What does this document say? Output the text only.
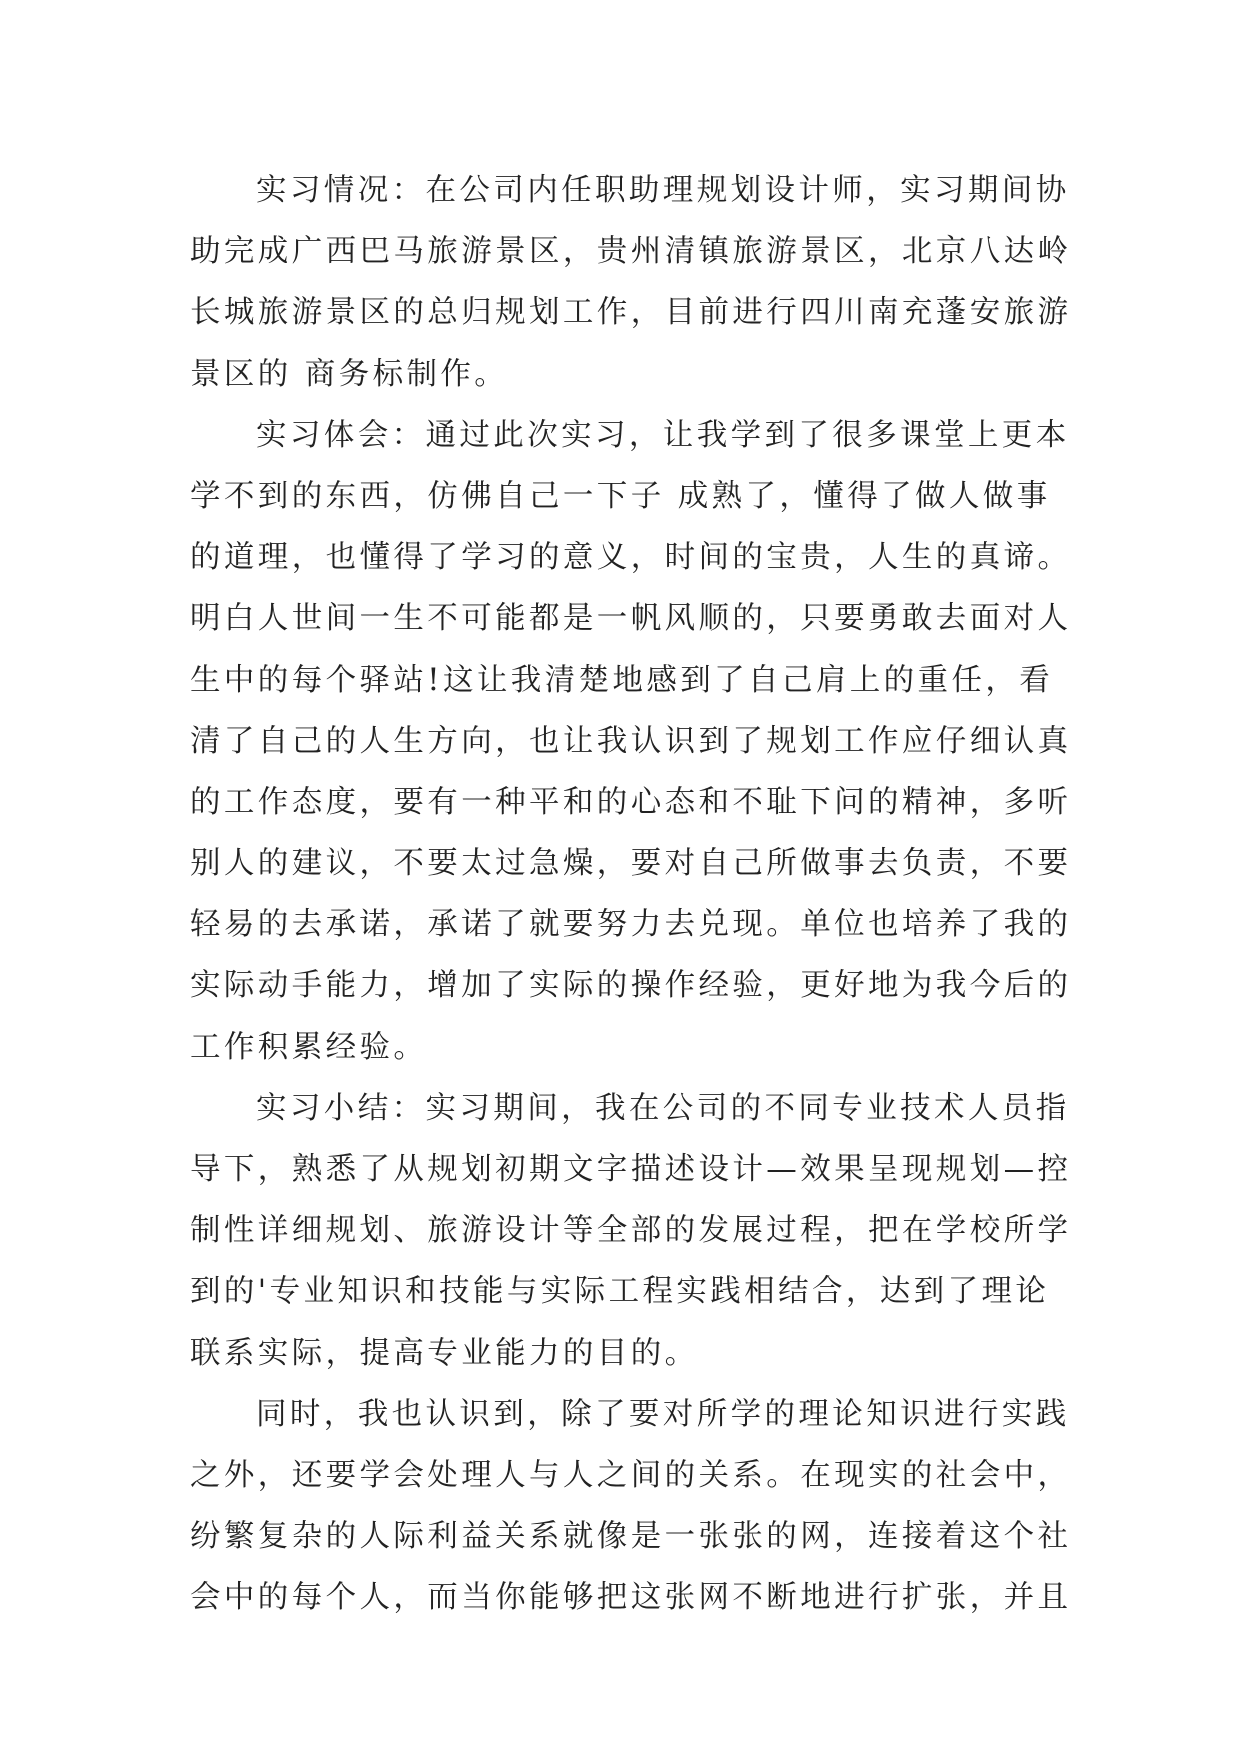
实习情况：在公司内任职助理规划设计师，实习期间协
助完成广西巴马旅游景区，贵州清镇旅游景区，北京八达岭
长城旅游景区的总归规划工作，目前进行四川南充蓬安旅游
景区的 商务标制作。
实习体会：通过此次实习，让我学到了很多课堂上更本
学不到的东西，仿佛自己一下子 成熟了，懂得了做人做事
的道理，也懂得了学习的意义，时间的宝贵，人生的真谛。
明白人世间一生不可能都是一帆风顺的，只要勇敢去面对人
生中的每个驿站!这让我清楚地感到了自己肩上的重任，看
清了自己的人生方向，也让我认识到了规划工作应仔细认真
的工作态度，要有一种平和的心态和不耻下问的精神，多听
别人的建议，不要太过急燥，要对自己所做事去负责，不要
轻易的去承诺，承诺了就要努力去兑现。单位也培养了我的
实际动手能力，增加了实际的操作经验，更好地为我今后的
工作积累经验。
实习小结：实习期间，我在公司的不同专业技术人员指
导下，熟悉了从规划初期文字描述设计—效果呈现规划—控
制性详细规划、旅游设计等全部的发展过程，把在学校所学
到的'专业知识和技能与实际工程实践相结合，达到了理论
联系实际，提高专业能力的目的。
同时，我也认识到，除了要对所学的理论知识进行实践
之外，还要学会处理人与人之间的关系。在现实的社会中，
纷繁复杂的人际利益关系就像是一张张的网，连接着这个社
会中的每个人，而当你能够把这张网不断地进行扩张，并且
